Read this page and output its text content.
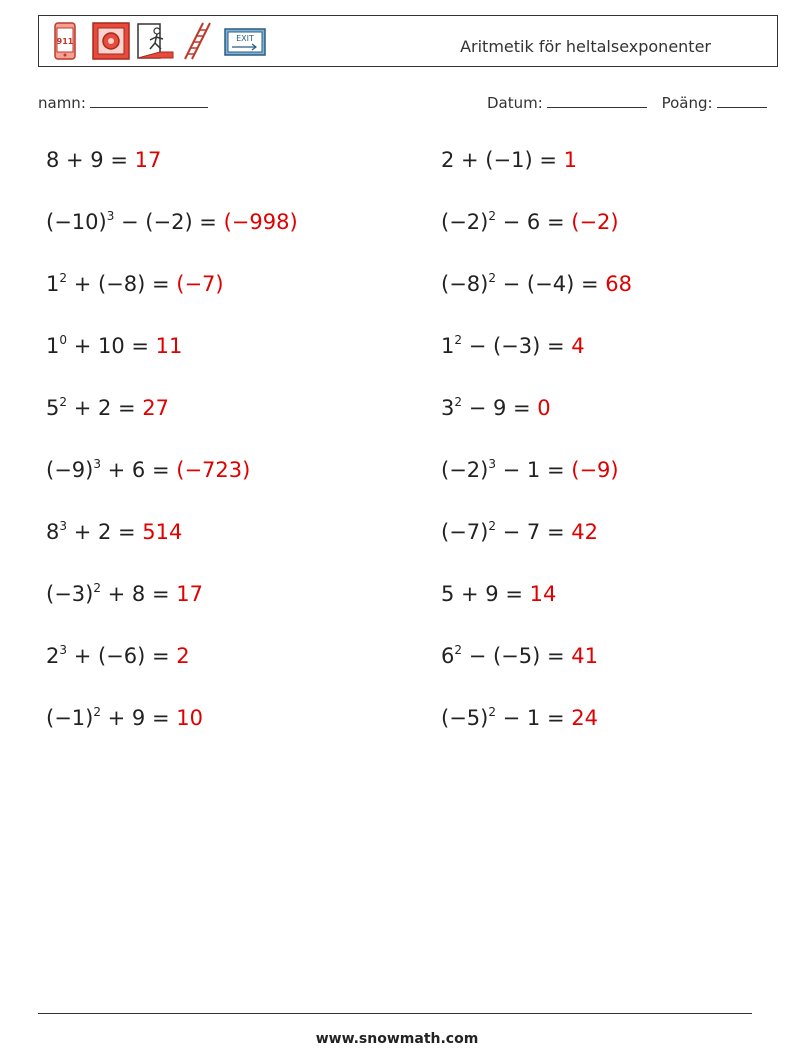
911	EXIT	Aritmetik för heltalsexponenter
namn:	Datum:	Poäng:
8 + 9 = 17	2 + (−1) = 1
$(-10)^3 - (-2) = (-998)$	$(-2)^2 - 6 = (-2)$
$1^2 + (-8) = (-7)$	$(-8)^2 - (-4) = 68$
$1^0 + 10 = 11$	$1^2 - (-3) = 4$
$5^2 + 2 = 27$	$3^2 - 9 = 0$
$(-9)^3 + 6 = (-723)$	$(-2)^3 - 1 = (-9)$
$8^3 + 2 = 514$	$(-7)^2 - 7 = 42$
$(-3)^2 + 8 = 17$	5 + 9 = 14
$2^3 + (-6) = 2$	$6^2 - (-5) = 41$
$(-1)^2 + 9 = 10$	$(-5)^2 - 1 = 24$
www.snowmath.com
